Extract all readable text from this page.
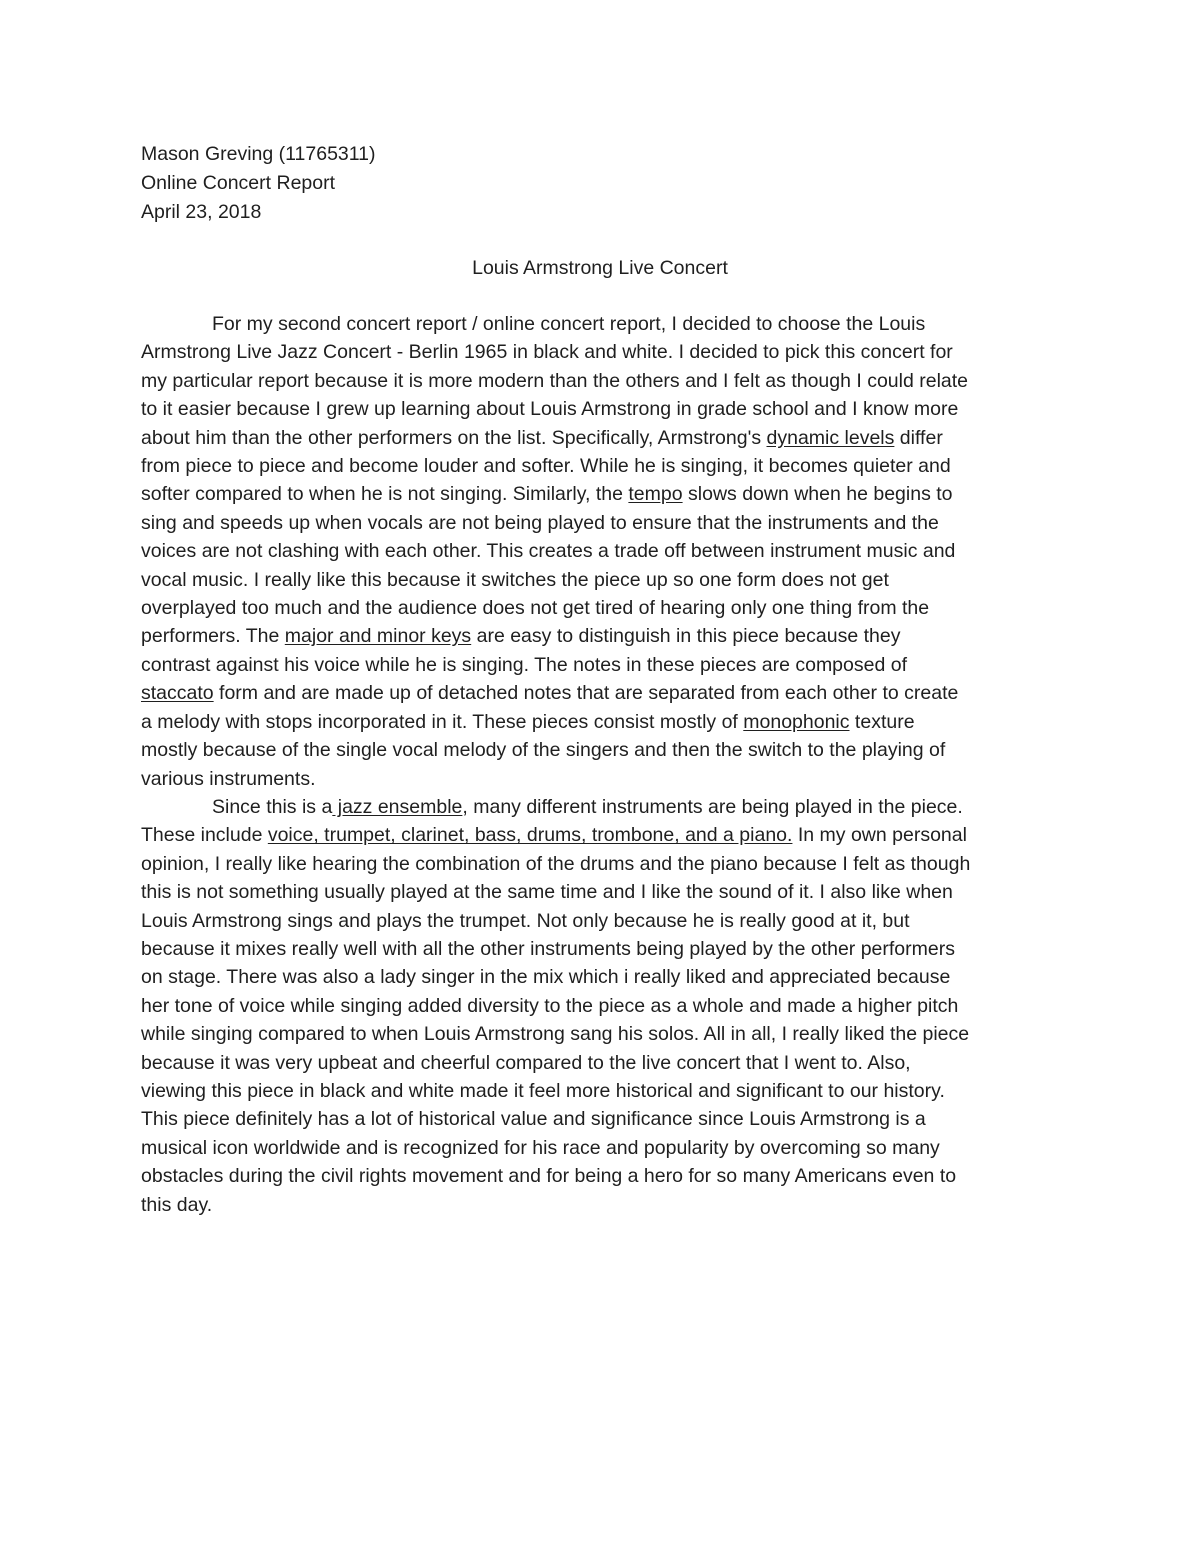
Mason Greving (11765311)
Online Concert Report
April 23, 2018
Louis Armstrong Live Concert
For my second concert report / online concert report, I decided to choose the Louis
Armstrong Live Jazz Concert - Berlin 1965 in black and white. I decided to pick this concert for
my particular report because it is more modern than the others and I felt as though I could relate
to it easier because I grew up learning about Louis Armstrong in grade school and I know more
about him than the other performers on the list. Specifically, Armstrong's dynamic levels differ
from piece to piece and become louder and softer. While he is singing, it becomes quieter and
softer compared to when he is not singing. Similarly, the tempo slows down when he begins to
sing and speeds up when vocals are not being played to ensure that the instruments and the
voices are not clashing with each other. This creates a trade off between instrument music and
vocal music. I really like this because it switches the piece up so one form does not get
overplayed too much and the audience does not get tired of hearing only one thing from the
performers. The major and minor keys are easy to distinguish in this piece because they
contrast against his voice while he is singing. The notes in these pieces are composed of
staccato form and are made up of detached notes that are separated from each other to create
a melody with stops incorporated in it. These pieces consist mostly of monophonic texture
mostly because of the single vocal melody of the singers and then the switch to the playing of
various instruments.
Since this is a jazz ensemble, many different instruments are being played in the piece.
These include voice, trumpet, clarinet, bass, drums, trombone, and a piano. In my own personal
opinion, I really like hearing the combination of the drums and the piano because I felt as though
this is not something usually played at the same time and I like the sound of it. I also like when
Louis Armstrong sings and plays the trumpet. Not only because he is really good at it, but
because it mixes really well with all the other instruments being played by the other performers
on stage. There was also a lady singer in the mix which i really liked and appreciated because
her tone of voice while singing added diversity to the piece as a whole and made a higher pitch
while singing compared to when Louis Armstrong sang his solos. All in all, I really liked the piece
because it was very upbeat and cheerful compared to the live concert that I went to. Also,
viewing this piece in black and white made it feel more historical and significant to our history.
This piece definitely has a lot of historical value and significance since Louis Armstrong is a
musical icon worldwide and is recognized for his race and popularity by overcoming so many
obstacles during the civil rights movement and for being a hero for so many Americans even to
this day.
